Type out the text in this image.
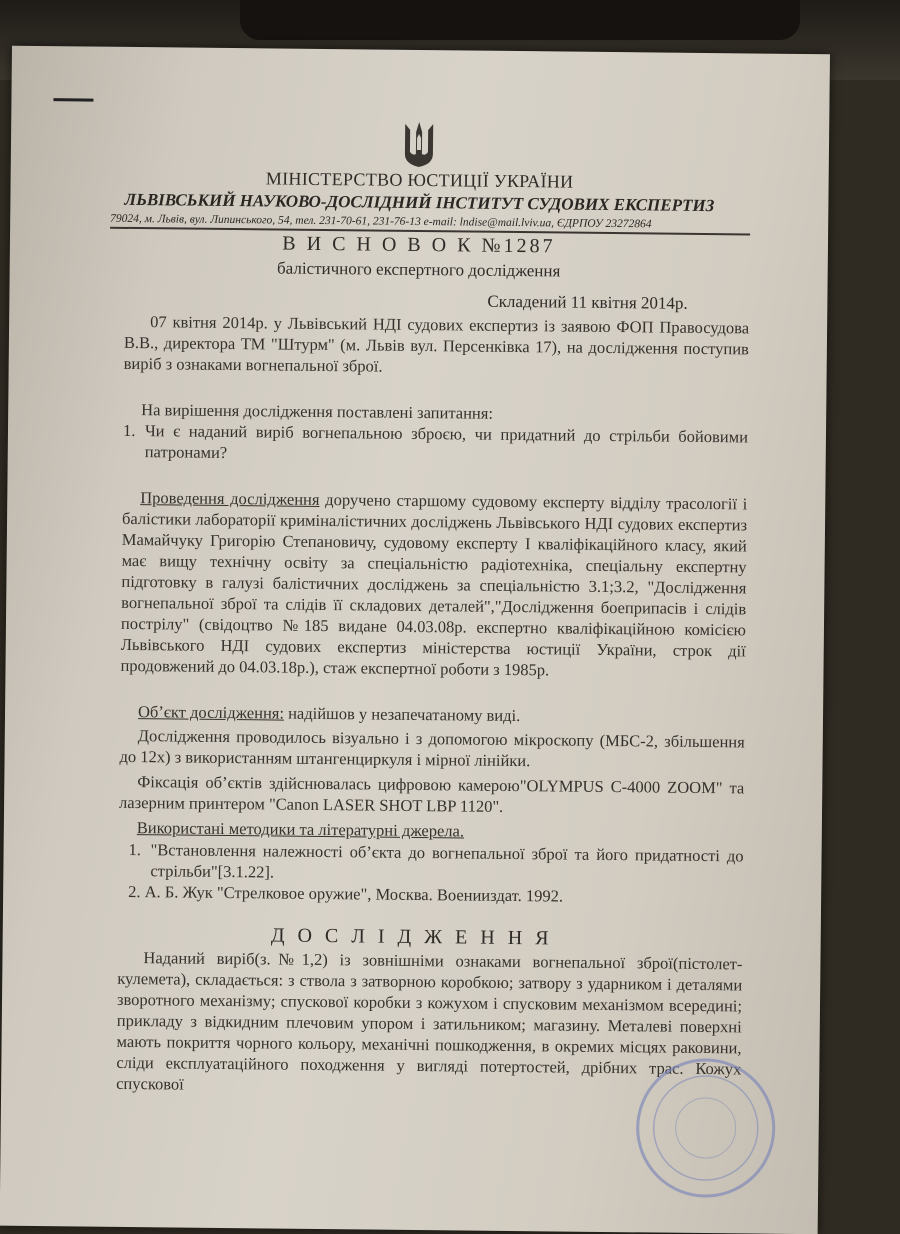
МІНІСТЕРСТВО ЮСТИЦІЇ УКРАЇНИ
ЛЬВІВСЬКИЙ НАУКОВО-ДОСЛІДНИЙ ІНСТИТУТ СУДОВИХ ЕКСПЕРТИЗ
79024, м. Львів, вул. Липинського, 54, тел. 231-70-61, 231-76-13 e-mail: lndise@mail.lviv.ua, ЄДРПОУ 23272864
В И С Н О В О К №1287
балістичного експертного дослідження
Складений 11 квітня 2014р.
07 квітня 2014р. у Львівський НДІ судових експертиз із заявою ФОП Правосудова В.В., директора ТМ "Штурм" (м. Львів вул. Персенківка 17), на дослідження поступив виріб з ознаками вогнепальної зброї.
На вирішення дослідження поставлені запитання:
1. Чи є наданий виріб вогнепальною зброєю, чи придатний до стрільби бойовими патронами?
Проведення дослідження доручено старшому судовому експерту відділу трасології і балістики лабораторії криміналістичних досліджень Львівського НДІ судових експертиз Мамайчуку Григорію Степановичу, судовому експерту І кваліфікаційного класу, який має вищу технічну освіту за спеціальністю радіотехніка, спеціальну експертну підготовку в галузі балістичних досліджень за спеціальністю 3.1;3.2, "Дослідження вогнепальної зброї та слідів її складових деталей","Дослідження боеприпасів і слідів пострілу" (свідоцтво №185 видане 04.03.08р. експертно кваліфікаційною комісією Львівського НДІ судових експертиз міністерства юстиції України, строк дії продовжений до 04.03.18р.), стаж експертної роботи з 1985р.
Об’єкт дослідження: надійшов у незапечатаному виді.
Дослідження проводилось візуально і з допомогою мікроскопу (МБС-2, збільшення до 12х) з використанням штангенциркуля і мірної лінійки.
Фіксація об’єктів здійснювалась цифровою камерою"OLYMPUS C-4000 ZOOM" та лазерним принтером "Canon LASER SHOT LBP 1120".
Використані методики та літературні джерела.
1. "Встановлення належності об’єкта до вогнепальної зброї та його придатності до стрільби"[3.1.22].
2. А. Б. Жук "Стрелковое оружие", Москва. Военииздат. 1992.
Д О С Л І Д Ж Е Н Н Я
Наданий виріб(з.№1,2) із зовнішніми ознаками вогнепальної зброї(пістолет-кулемета), складається: з ствола з затворною коробкою; затвору з ударником і деталями зворотного механізму; спускової коробки з кожухом і спусковим механізмом всередині; прикладу з відкидним плечовим упором і затильником; магазину. Металеві поверхні мають покриття чорного кольору, механічні пошкодження, в окремих місцях раковини, сліди експлуатаційного походження у вигляді потертостей, дрібних трас. Кожух спускової
